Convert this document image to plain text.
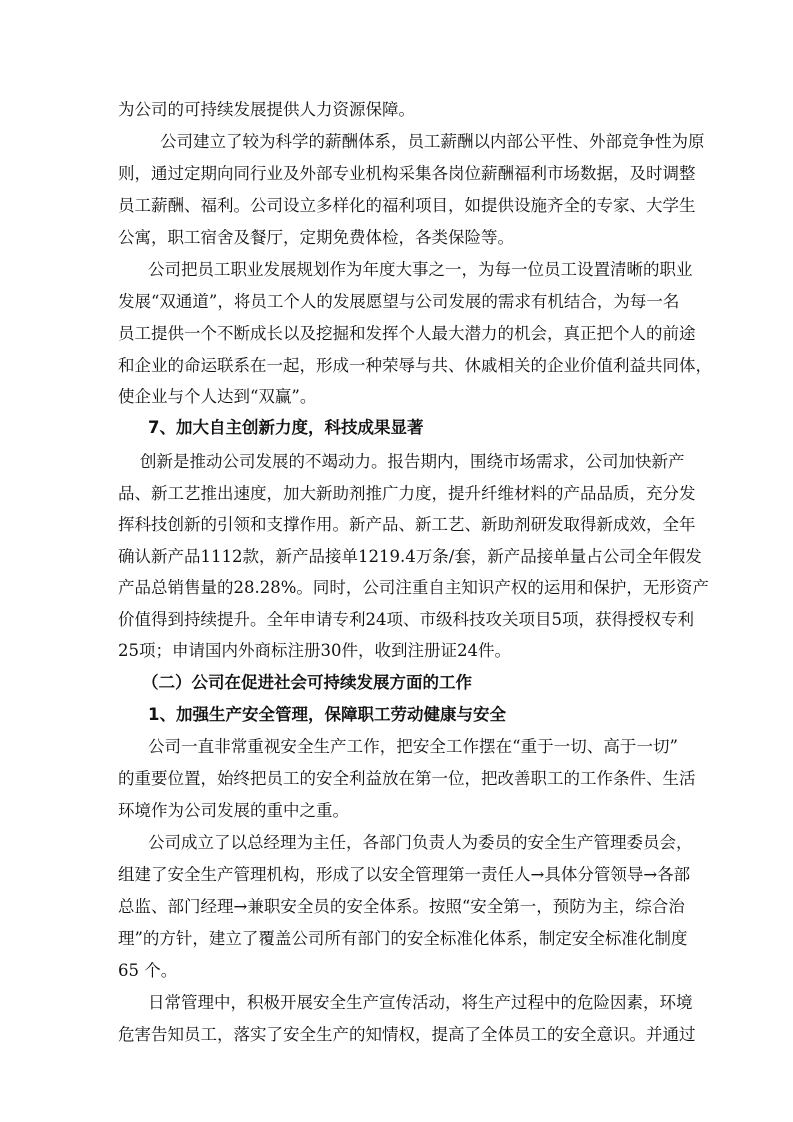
为公司的可持续发展提供人力资源保障。
公司建立了较为科学的薪酬体系，员工薪酬以内部公平性、外部竞争性为原
则，通过定期向同行业及外部专业机构采集各岗位薪酬福利市场数据，及时调整
员工薪酬、福利。公司设立多样化的福利项目，如提供设施齐全的专家、大学生
公寓，职工宿舍及餐厅，定期免费体检，各类保险等。
公司把员工职业发展规划作为年度大事之一，为每一位员工设置清晰的职业
发展“双通道”，将员工个人的发展愿望与公司发展的需求有机结合，为每一名
员工提供一个不断成长以及挖掘和发挥个人最大潜力的机会，真正把个人的前途
和企业的命运联系在一起，形成一种荣辱与共、休戚相关的企业价值利益共同体，
使企业与个人达到“双赢”。
7、加大自主创新力度，科技成果显著
创新是推动公司发展的不竭动力。报告期内，围绕市场需求，公司加快新产
品、新工艺推出速度，加大新助剂推广力度，提升纤维材料的产品品质，充分发
挥科技创新的引领和支撑作用。新产品、新工艺、新助剂研发取得新成效，全年
确认新产品1112款，新产品接单1219.4万条/套，新产品接单量占公司全年假发
产品总销售量的28.28%。同时，公司注重自主知识产权的运用和保护，无形资产
价值得到持续提升。全年申请专利24项、市级科技攻关项目5项，获得授权专利
25项；申请国内外商标注册30件，收到注册证24件。
（二）公司在促进社会可持续发展方面的工作
1、加强生产安全管理，保障职工劳动健康与安全
公司一直非常重视安全生产工作，把安全工作摆在“重于一切、高于一切”
的重要位置，始终把员工的安全利益放在第一位，把改善职工的工作条件、生活
环境作为公司发展的重中之重。
公司成立了以总经理为主任，各部门负责人为委员的安全生产管理委员会，
组建了安全生产管理机构，形成了以安全管理第一责任人→具体分管领导→各部
总监、部门经理→兼职安全员的安全体系。按照“安全第一，预防为主，综合治
理”的方针，建立了覆盖公司所有部门的安全标准化体系，制定安全标准化制度
65 个。
日常管理中，积极开展安全生产宣传活动，将生产过程中的危险因素，环境
危害告知员工，落实了安全生产的知情权，提高了全体员工的安全意识。并通过
